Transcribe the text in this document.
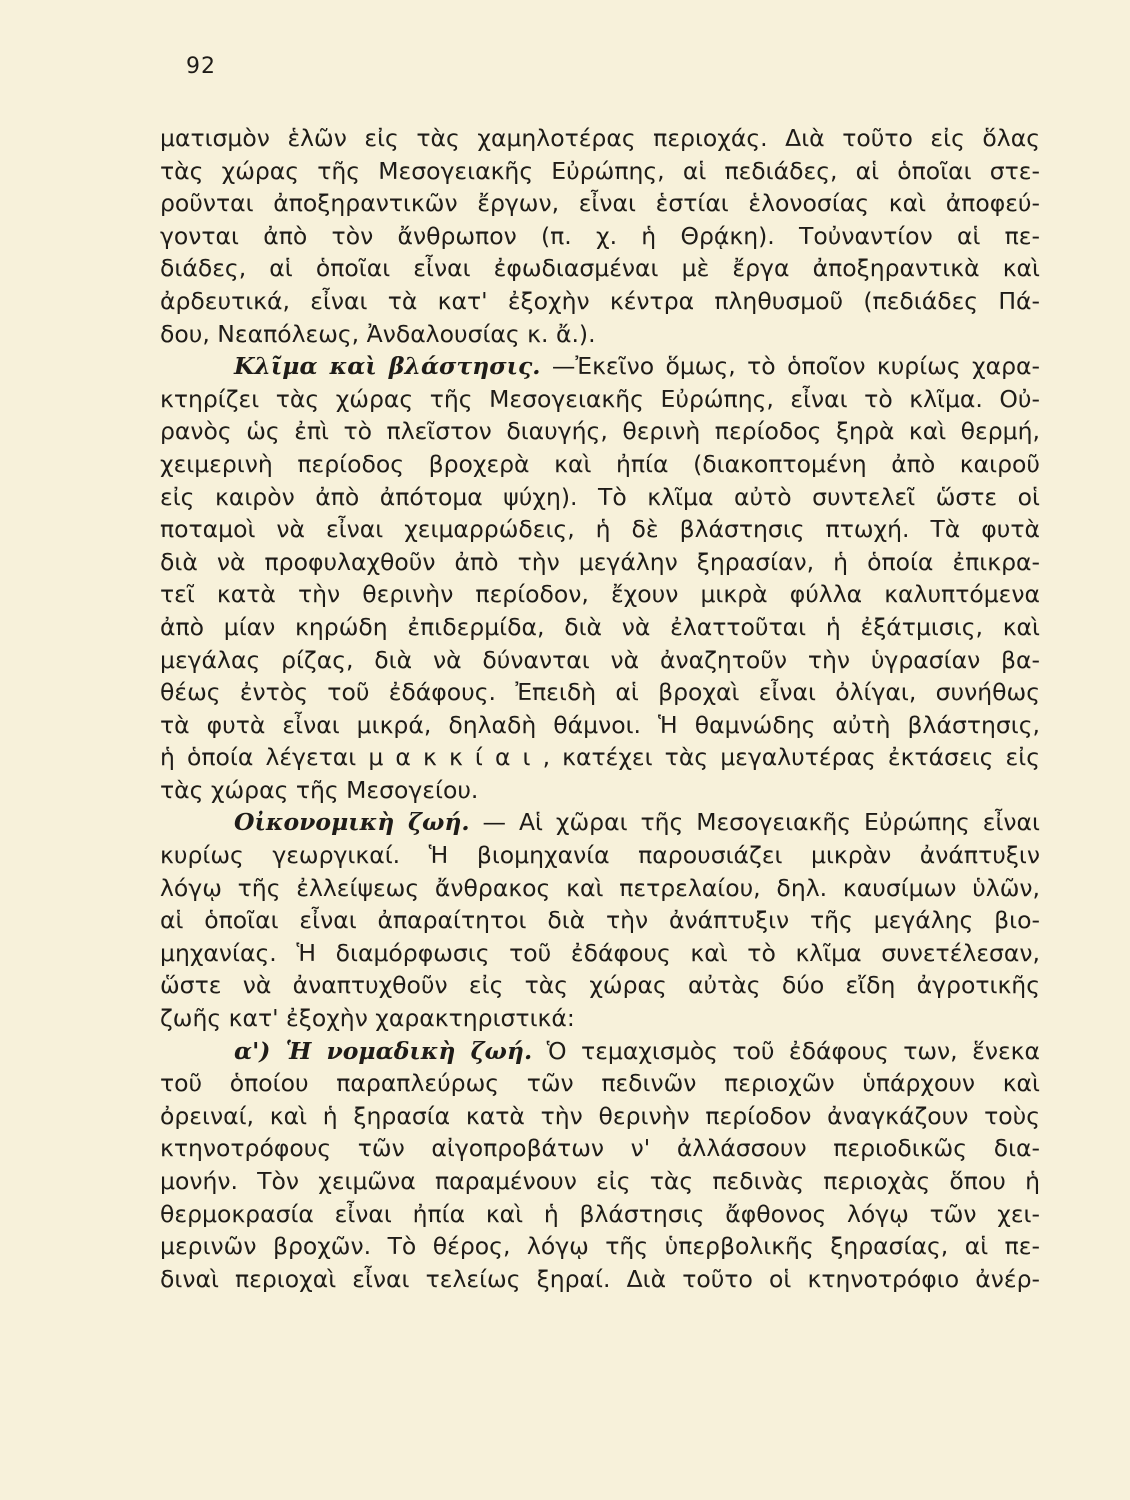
92
ματισμὸν ἑλῶν εἰς τὰς χαμηλοτέρας περιοχάς. Διὰ τοῦτο εἰς ὅλας
τὰς χώρας τῆς Μεσογειακῆς Εὐρώπης, αἱ πεδιάδες, αἱ ὁποῖαι στε-
ροῦνται ἀποξηραντικῶν ἔργων, εἶναι ἑστίαι ἑλονοσίας καὶ ἀποφεύ-
γονται ἀπὸ τὸν ἄνθρωπον (π. χ. ἡ Θρᾴκη). Τοὐναντίον αἱ πε-
διάδες, αἱ ὁποῖαι εἶναι ἐφωδιασμέναι μὲ ἔργα ἀποξηραντικὰ καὶ
ἀρδευτικά, εἶναι τὰ κατ' ἐξοχὴν κέντρα πληθυσμοῦ (πεδιάδες Πά-
δου, Νεαπόλεως, Ἀνδαλουσίας κ. ἄ.).
Κλῖμα καὶ βλάστησις. —Ἐκεῖνο ὅμως, τὸ ὁποῖον κυρίως χαρα-
κτηρίζει τὰς χώρας τῆς Μεσογειακῆς Εὐρώπης, εἶναι τὸ κλῖμα. Οὐ-
ρανὸς ὡς ἐπὶ τὸ πλεῖστον διαυγής, θερινὴ περίοδος ξηρὰ καὶ θερμή,
χειμερινὴ περίοδος βροχερὰ καὶ ἠπία (διακοπτομένη ἀπὸ καιροῦ
εἰς καιρὸν ἀπὸ ἀπότομα ψύχη). Τὸ κλῖμα αὐτὸ συντελεῖ ὥστε οἱ
ποταμοὶ νὰ εἶναι χειμαρρώδεις, ἡ δὲ βλάστησις πτωχή. Τὰ φυτὰ
διὰ νὰ προφυλαχθοῦν ἀπὸ τὴν μεγάλην ξηρασίαν, ἡ ὁποία ἐπικρα-
τεῖ κατὰ τὴν θερινὴν περίοδον, ἔχουν μικρὰ φύλλα καλυπτόμενα
ἀπὸ μίαν κηρώδη ἐπιδερμίδα, διὰ νὰ ἐλαττοῦται ἡ ἐξάτμισις, καὶ
μεγάλας ρίζας, διὰ νὰ δύνανται νὰ ἀναζητοῦν τὴν ὑγρασίαν βα-
θέως ἐντὸς τοῦ ἐδάφους. Ἐπειδὴ αἱ βροχαὶ εἶναι ὀλίγαι, συνήθως
τὰ φυτὰ εἶναι μικρά, δηλαδὴ θάμνοι. Ἡ θαμνώδης αὐτὴ βλάστησις,
ἡ ὁποία λέγεται μ α κ κ ί α ι , κατέχει τὰς μεγαλυτέρας ἐκτάσεις εἰς
τὰς χώρας τῆς Μεσογείου.
Οἰκονομικὴ ζωή. — Αἱ χῶραι τῆς Μεσογειακῆς Εὐρώπης εἶναι
κυρίως γεωργικαί. Ἡ βιομηχανία παρουσιάζει μικρὰν ἀνάπτυξιν
λόγῳ τῆς ἐλλείψεως ἄνθρακος καὶ πετρελαίου, δηλ. καυσίμων ὑλῶν,
αἱ ὁποῖαι εἶναι ἀπαραίτητοι διὰ τὴν ἀνάπτυξιν τῆς μεγάλης βιο-
μηχανίας. Ἡ διαμόρφωσις τοῦ ἐδάφους καὶ τὸ κλῖμα συνετέλεσαν,
ὥστε νὰ ἀναπτυχθοῦν εἰς τὰς χώρας αὐτὰς δύο εἴδη ἀγροτικῆς
ζωῆς κατ' ἐξοχὴν χαρακτηριστικά:
α') Ἡ νομαδικὴ ζωή. Ὁ τεμαχισμὸς τοῦ ἐδάφους των, ἕνεκα
τοῦ ὁποίου παραπλεύρως τῶν πεδινῶν περιοχῶν ὑπάρχουν καὶ
ὀρειναί, καὶ ἡ ξηρασία κατὰ τὴν θερινὴν περίοδον ἀναγκάζουν τοὺς
κτηνοτρόφους τῶν αἰγοπροβάτων ν' ἀλλάσσουν περιοδικῶς δια-
μονήν. Τὸν χειμῶνα παραμένουν εἰς τὰς πεδινὰς περιοχὰς ὅπου ἡ
θερμοκρασία εἶναι ἠπία καὶ ἡ βλάστησις ἄφθονος λόγῳ τῶν χει-
μερινῶν βροχῶν. Τὸ θέρος, λόγῳ τῆς ὑπερβολικῆς ξηρασίας, αἱ πε-
διναὶ περιοχαὶ εἶναι τελείως ξηραί. Διὰ τοῦτο οἱ κτηνοτρόφιο ἀνέρ-
